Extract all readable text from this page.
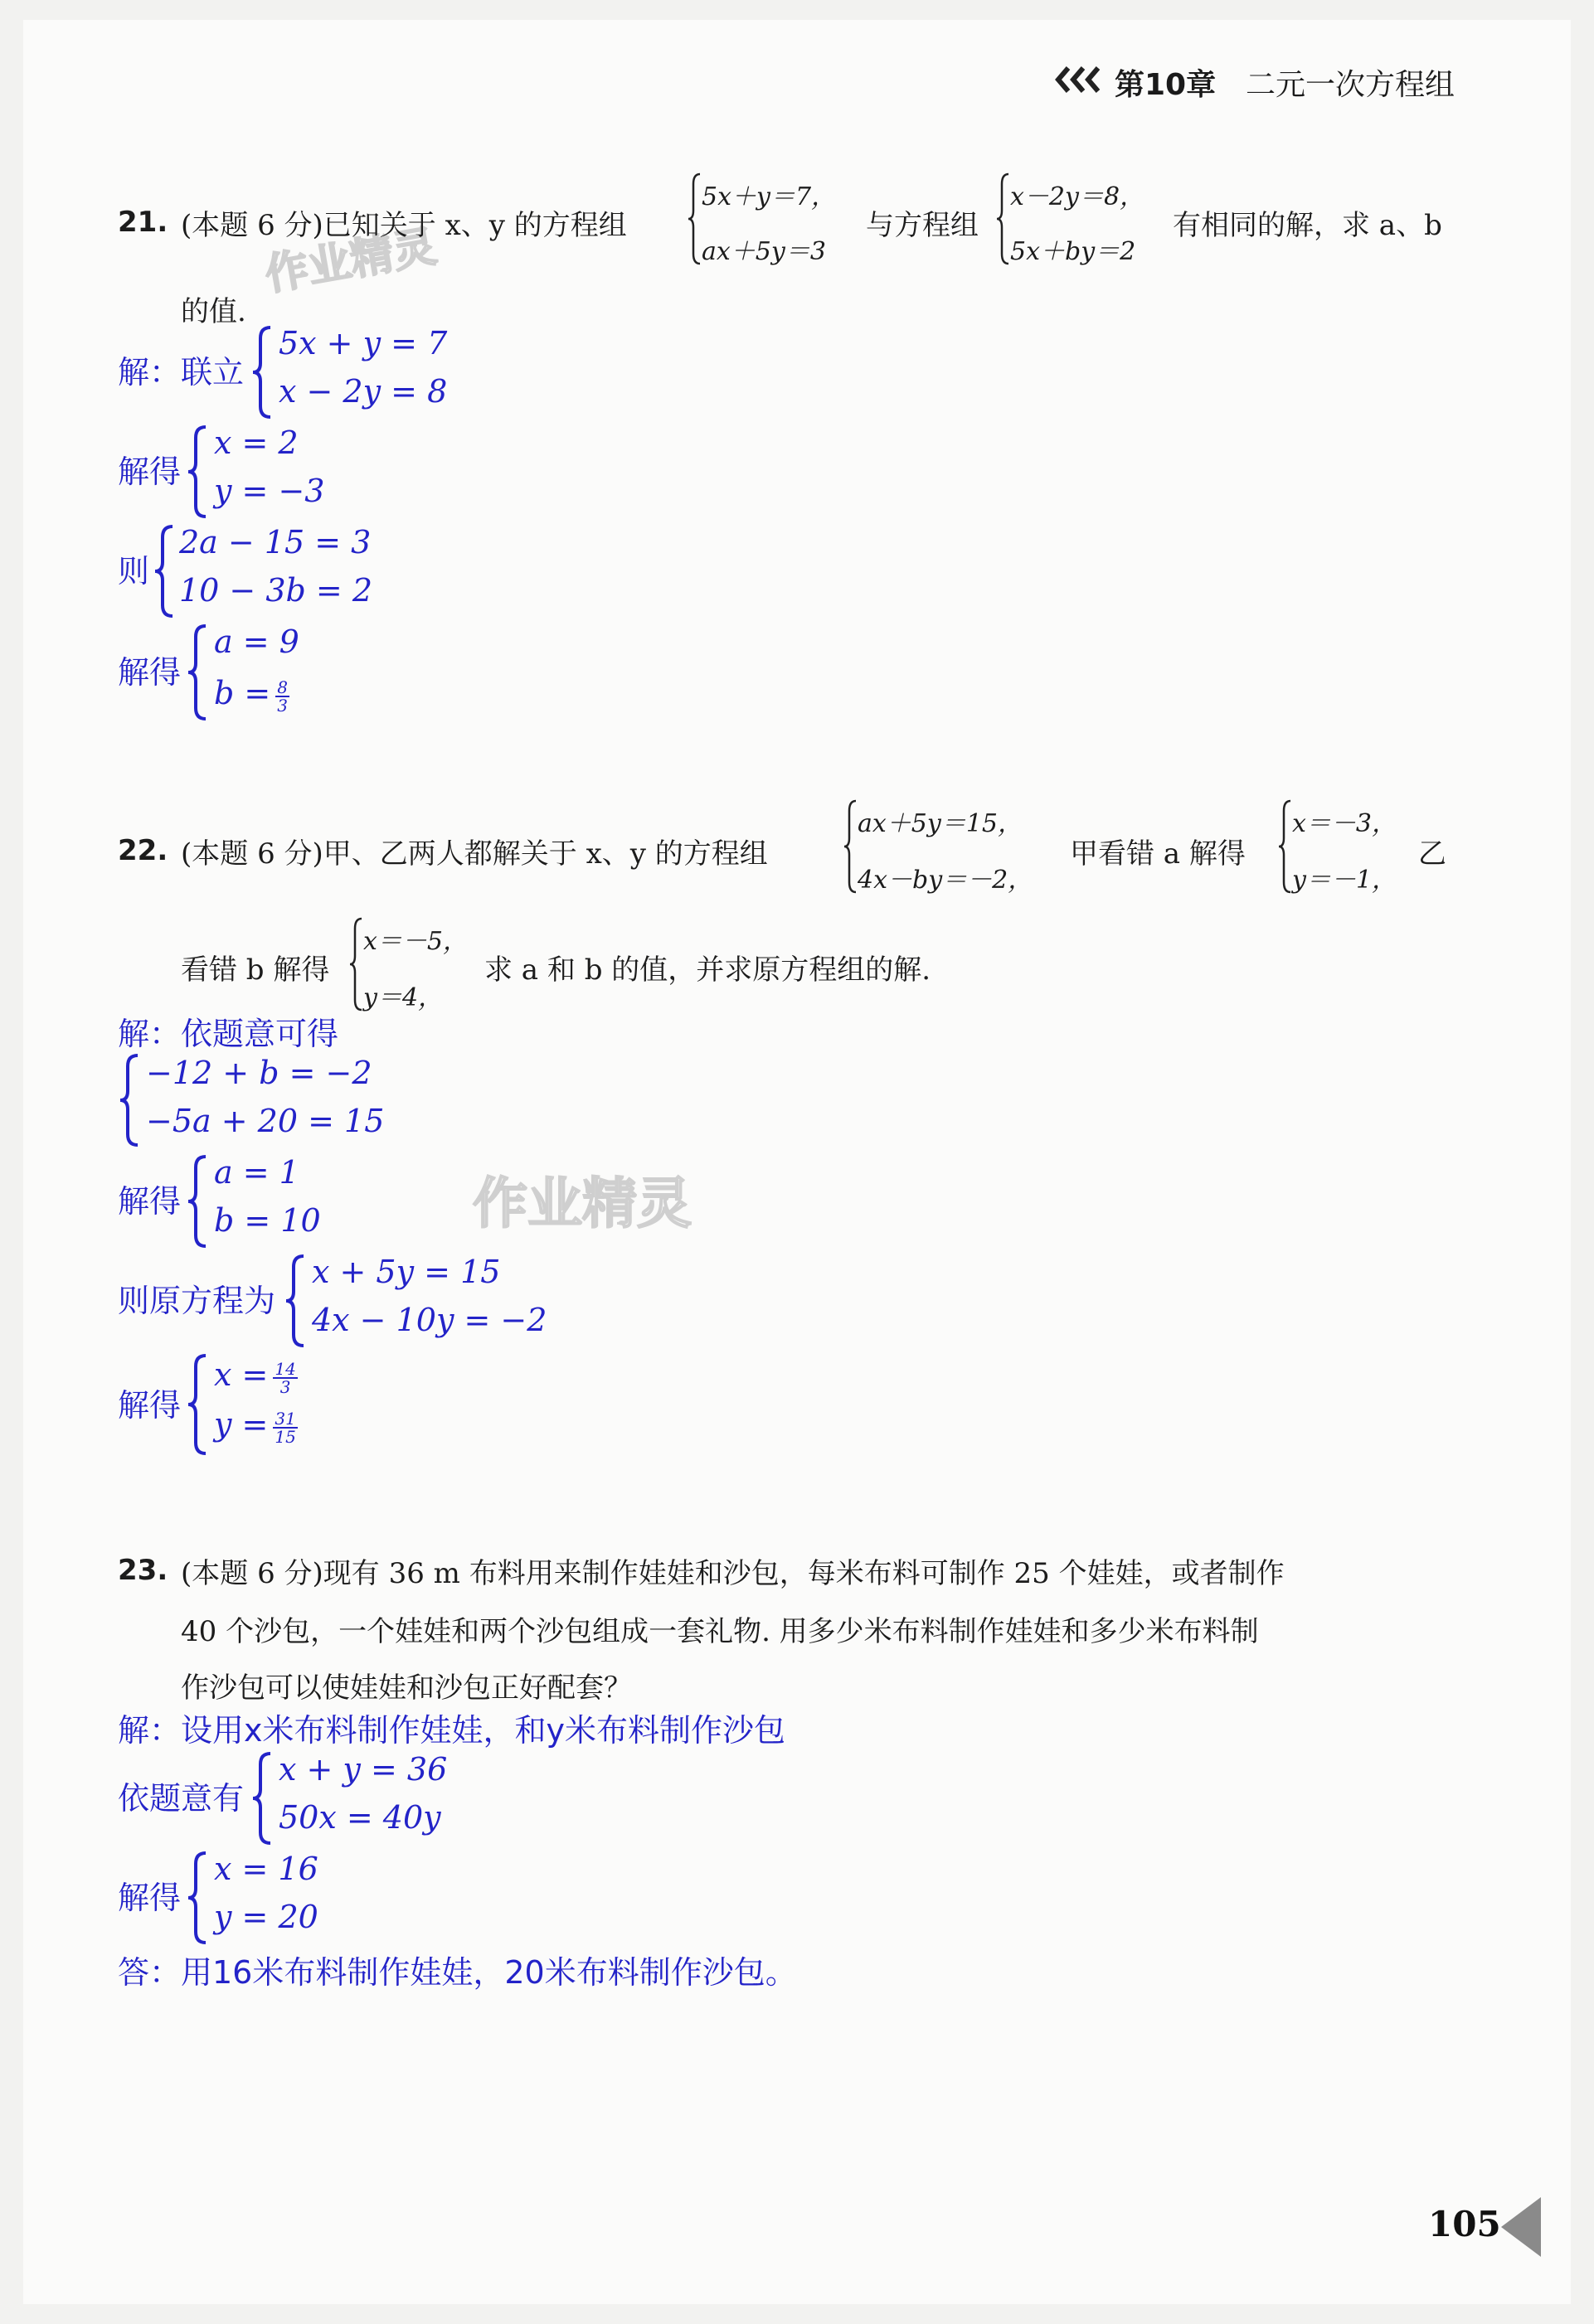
第10章 二元一次方程组
作业精灵
作业精灵
21. (本题 6 分)已知关于 x、y 的方程组
5x＋y＝7，
ax＋5y＝3
与方程组
x－2y＝8，
5x＋by＝2
有相同的解，求 a、b
的值.
解：联立
5x + y = 7
x − 2y = 8
解得
x = 2
y = −3
则
2a − 15 = 3
10 − 3b = 2
解得
a = 9
$b = \frac{8}{3}$
22. (本题 6 分)甲、乙两人都解关于 x、y 的方程组
ax＋5y＝15，
4x－by＝－2，
甲看错 a 解得
x＝－3，
y＝－1，
乙
看错 b 解得
x＝－5，
y＝4，
求 a 和 b 的值，并求原方程组的解.
解：依题意可得
−12 + b = −2
−5a + 20 = 15
解得
a = 1
b = 10
则原方程为
x + 5y = 15
4x − 10y = −2
解得
$x = \frac{14}{3}$
$y = \frac{31}{15}$
23. (本题 6 分)现有 36 m 布料用来制作娃娃和沙包，每米布料可制作 25 个娃娃，或者制作
40 个沙包，一个娃娃和两个沙包组成一套礼物. 用多少米布料制作娃娃和多少米布料制
作沙包可以使娃娃和沙包正好配套？
解：设用x米布料制作娃娃，和y米布料制作沙包
依题意有
x + y = 36
50x = 40y
解得
x = 16
y = 20
答：用16米布料制作娃娃，20米布料制作沙包。
105
